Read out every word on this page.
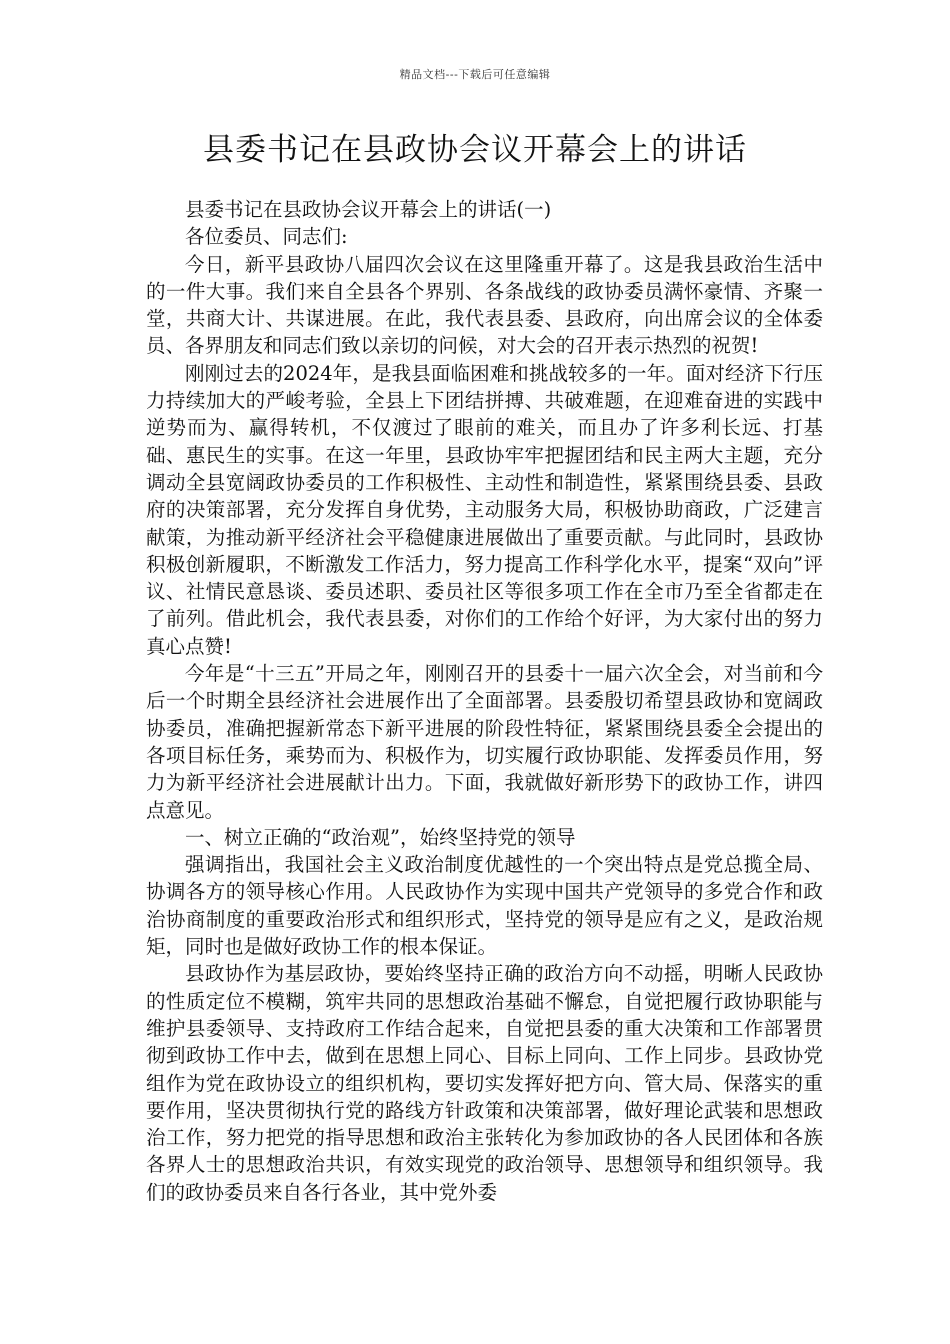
精品文档---下载后可任意编辑
县委书记在县政协会议开幕会上的讲话

县委书记在县政协会议开幕会上的讲话(一)

各位委员、同志们:

今日，新平县政协八届四次会议在这里隆重开幕了。这是我县政治生活中的一件大事。我们来自全县各个界别、各条战线的政协委员满怀豪情、齐聚一堂，共商大计、共谋进展。在此，我代表县委、县政府，向出席会议的全体委员、各界朋友和同志们致以亲切的问候，对大会的召开表示热烈的祝贺!

刚刚过去的2024年，是我县面临困难和挑战较多的一年。面对经济下行压力持续加大的严峻考验，全县上下团结拼搏、共破难题，在迎难奋进的实践中逆势而为、赢得转机，不仅渡过了眼前的难关，而且办了许多利长远、打基础、惠民生的实事。在这一年里，县政协牢牢把握团结和民主两大主题，充分调动全县宽阔政协委员的工作积极性、主动性和制造性，紧紧围绕县委、县政府的决策部署，充分发挥自身优势，主动服务大局，积极协助商政，广泛建言献策，为推动新平经济社会平稳健康进展做出了重要贡献。与此同时，县政协积极创新履职，不断激发工作活力，努力提高工作科学化水平，提案“双向”评议、社情民意恳谈、委员述职、委员社区等很多项工作在全市乃至全省都走在了前列。借此机会，我代表县委，对你们的工作给个好评，为大家付出的努力真心点赞!

今年是“十三五”开局之年，刚刚召开的县委十一届六次全会，对当前和今后一个时期全县经济社会进展作出了全面部署。县委殷切希望县政协和宽阔政协委员，准确把握新常态下新平进展的阶段性特征，紧紧围绕县委全会提出的各项目标任务，乘势而为、积极作为，切实履行政协职能、发挥委员作用，努力为新平经济社会进展献计出力。下面，我就做好新形势下的政协工作，讲四点意见。

一、树立正确的“政治观”，始终坚持党的领导

强调指出，我国社会主义政治制度优越性的一个突出特点是党总揽全局、协调各方的领导核心作用。人民政协作为实现中国共产党领导的多党合作和政治协商制度的重要政治形式和组织形式，坚持党的领导是应有之义，是政治规矩，同时也是做好政协工作的根本保证。

县政协作为基层政协，要始终坚持正确的政治方向不动摇，明晰人民政协的性质定位不模糊，筑牢共同的思想政治基础不懈怠，自觉把履行政协职能与维护县委领导、支持政府工作结合起来，自觉把县委的重大决策和工作部署贯彻到政协工作中去，做到在思想上同心、目标上同向、工作上同步。县政协党组作为党在政协设立的组织机构，要切实发挥好把方向、管大局、保落实的重要作用，坚决贯彻执行党的路线方针政策和决策部署，做好理论武装和思想政治工作，努力把党的指导思想和政治主张转化为参加政协的各人民团体和各族各界人士的思想政治共识，有效实现党的政治领导、思想领导和组织领导。我们的政协委员来自各行各业，其中党外委
